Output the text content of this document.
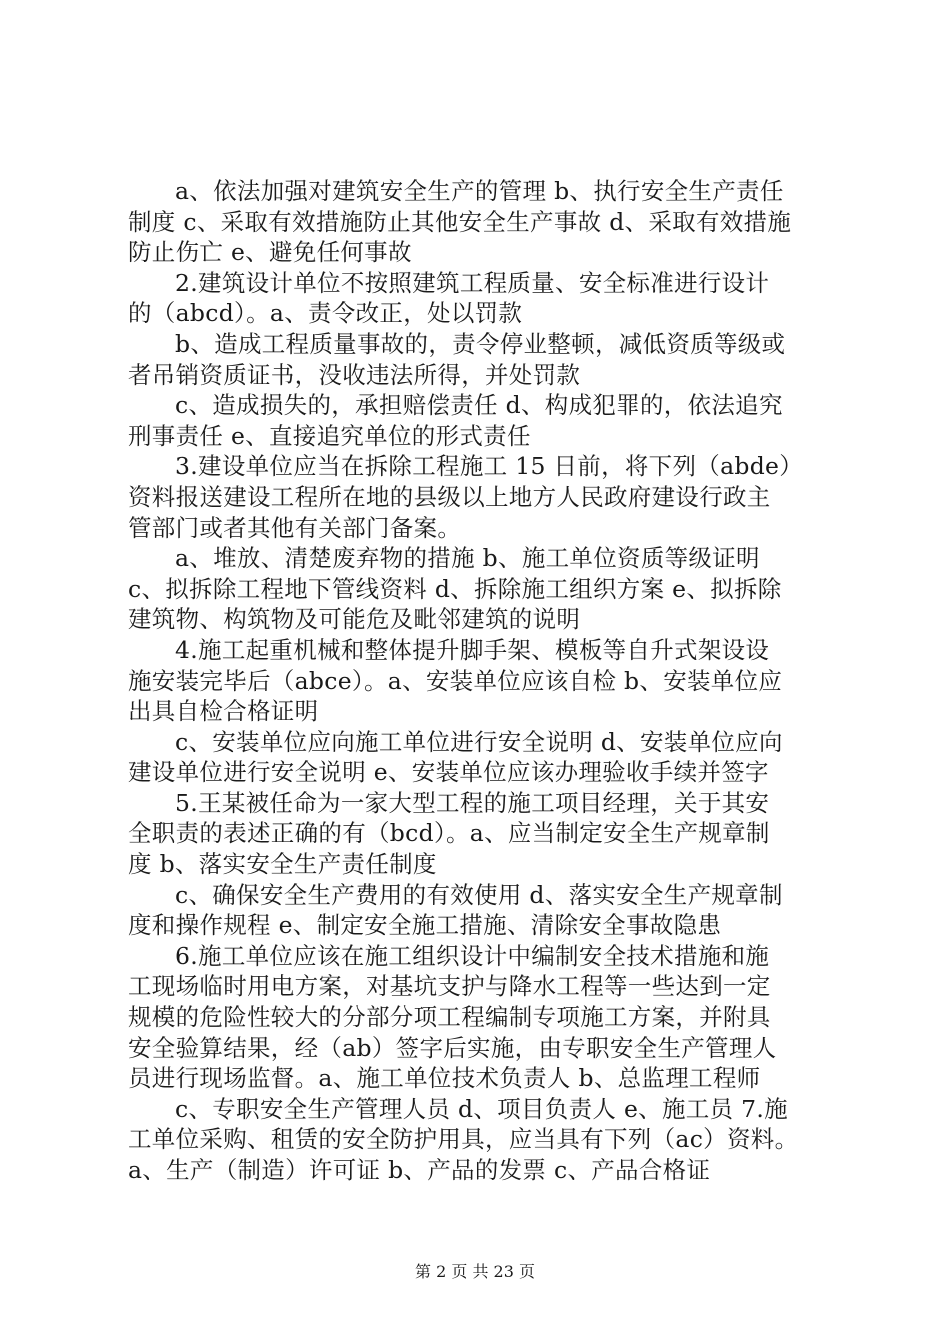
a、依法加强对建筑安全生产的管理 b、执行安全生产责任
制度 c、采取有效措施防止其他安全生产事故 d、采取有效措施
防止伤亡 e、避免任何事故
2.建筑设计单位不按照建筑工程质量、安全标准进行设计
的（abcd）。a、责令改正，处以罚款
b、造成工程质量事故的，责令停业整顿，减低资质等级或
者吊销资质证书，没收违法所得，并处罚款
c、造成损失的，承担赔偿责任 d、构成犯罪的，依法追究
刑事责任 e、直接追究单位的形式责任
3.建设单位应当在拆除工程施工 15 日前，将下列（abde）
资料报送建设工程所在地的县级以上地方人民政府建设行政主
管部门或者其他有关部门备案。
a、堆放、清楚废弃物的措施 b、施工单位资质等级证明
c、拟拆除工程地下管线资料 d、拆除施工组织方案 e、拟拆除
建筑物、构筑物及可能危及毗邻建筑的说明
4.施工起重机械和整体提升脚手架、模板等自升式架设设
施安装完毕后（abce）。a、安装单位应该自检 b、安装单位应
出具自检合格证明
c、安装单位应向施工单位进行安全说明 d、安装单位应向
建设单位进行安全说明 e、安装单位应该办理验收手续并签字
5.王某被任命为一家大型工程的施工项目经理，关于其安
全职责的表述正确的有（bcd）。a、应当制定安全生产规章制
度 b、落实安全生产责任制度
c、确保安全生产费用的有效使用 d、落实安全生产规章制
度和操作规程 e、制定安全施工措施、清除安全事故隐患
6.施工单位应该在施工组织设计中编制安全技术措施和施
工现场临时用电方案，对基坑支护与降水工程等一些达到一定
规模的危险性较大的分部分项工程编制专项施工方案，并附具
安全验算结果，经（ab）签字后实施，由专职安全生产管理人
员进行现场监督。a、施工单位技术负责人 b、总监理工程师
c、专职安全生产管理人员 d、项目负责人 e、施工员 7.施
工单位采购、租赁的安全防护用具，应当具有下列（ac）资料。
a、生产（制造）许可证 b、产品的发票 c、产品合格证
第 2 页 共 23 页
